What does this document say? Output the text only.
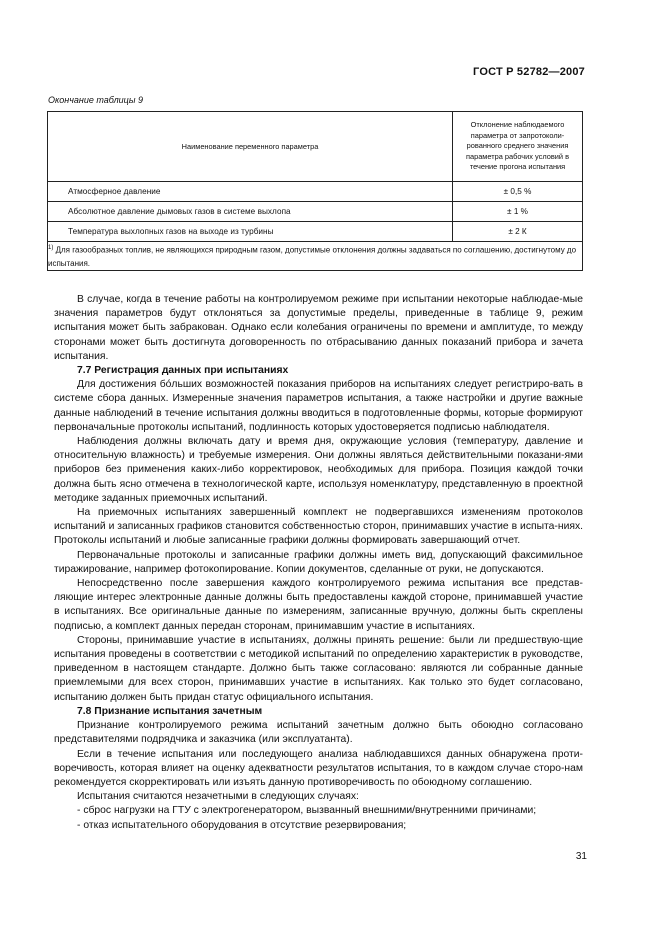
ГОСТ Р 52782—2007
Окончание таблицы 9
Наименование переменного параметра	Отклонение наблюдаемого
параметра от запротоколи-
рованного среднего значения
параметра рабочих условий в
течение прогона испытания

Атмосферное давление	± 0,5 %
Абсолютное давление дымовых газов в системе выхлопа	± 1 %
Температура выхлопных газов на выходе из турбины	± 2 К
$^{1)}$ Для газообразных топлив, не являющихся природным газом, допустимые отклонения должны задаваться по соглашению, достигнутому до испытания.	

В случае, когда в течение работы на контролируемом режиме при испытании некоторые наблюдае-мые значения параметров будут отклоняться за допустимые пределы, приведенные в таблице 9, режим испытания может быть забракован. Однако если колебания ограничены по времени и амплитуде, то между сторонами может быть достигнута договоренность по отбрасыванию данных показаний прибора и зачета испытания.

7.7 Регистрация данных при испытаниях

Для достижения бо́льших возможностей показания приборов на испытаниях следует регистриро-вать в системе сбора данных. Измеренные значения параметров испытания, а также настройки и другие важные данные наблюдений в течение испытания должны вводиться в подготовленные формы, которые формируют первоначальные протоколы испытаний, подлинность которых удостоверяется подписью наблюдателя.

Наблюдения должны включать дату и время дня, окружающие условия (температуру, давление и относительную влажность) и требуемые измерения. Они должны являться действительными показани-ями приборов без применения каких-либо корректировок, необходимых для прибора. Позиция каждой точки должна быть ясно отмечена в технологической карте, используя номенклатуру, представленную в проектной методике заданных приемочных испытаний.

На приемочных испытаниях завершенный комплект не подвергавшихся изменениям протоколов испытаний и записанных графиков становится собственностью сторон, принимавших участие в испыта-ниях. Протоколы испытаний и любые записанные графики должны формировать завершающий отчет.

Первоначальные протоколы и записанные графики должны иметь вид, допускающий факсимильное тиражирование, например фотокопирование. Копии документов, сделанные от руки, не допускаются.

Непосредственно после завершения каждого контролируемого режима испытания все представ-ляющие интерес электронные данные должны быть предоставлены каждой стороне, принимавшей участие в испытаниях. Все оригинальные данные по измерениям, записанные вручную, должны быть скреплены подписью, а комплект данных передан сторонам, принимавшим участие в испытаниях.

Стороны, принимавшие участие в испытаниях, должны принять решение: были ли предшествую-щие испытания проведены в соответствии с методикой испытаний по определению характеристик в руководстве, приведенном в настоящем стандарте. Должно быть также согласовано: являются ли собранные данные приемлемыми для всех сторон, принимавших участие в испытаниях. Как только это будет согласовано, испытанию должен быть придан статус официального испытания.

7.8 Признание испытания зачетным

Признание контролируемого режима испытаний зачетным должно быть обоюдно согласовано представителями подрядчика и заказчика (или эксплуатанта).

Если в течение испытания или последующего анализа наблюдавшихся данных обнаружена проти-воречивость, которая влияет на оценку адекватности результатов испытания, то в каждом случае сторо-нам рекомендуется скорректировать или изъять данную противоречивость по обоюдному соглашению.

Испытания считаются незачетными в следующих случаях:

- сброс нагрузки на ГТУ с электрогенератором, вызванный внешними/внутренними причинами;

- отказ испытательного оборудования в отсутствие резервирования;

31
